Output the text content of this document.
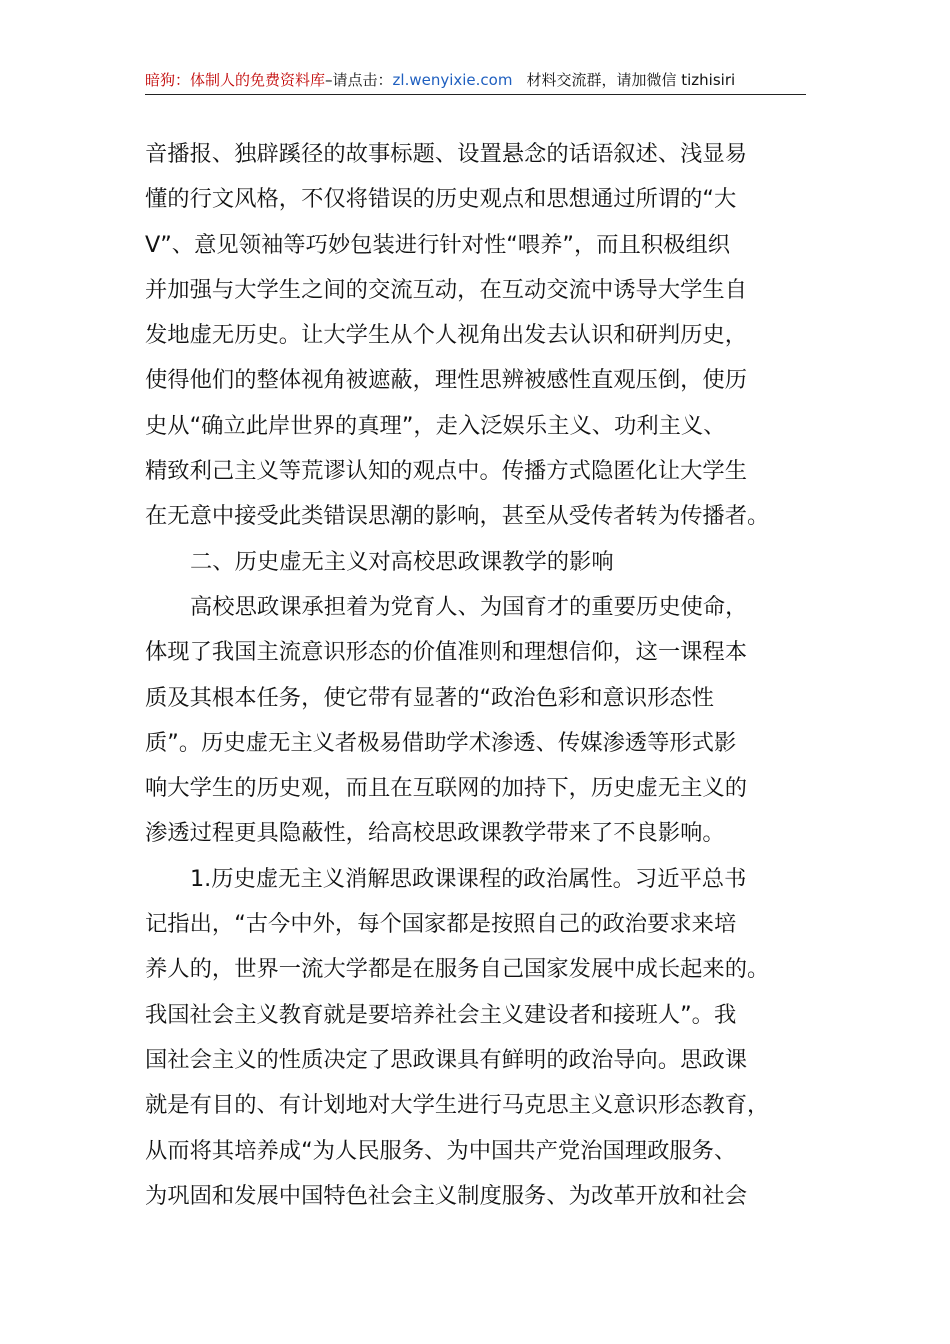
暗狗：体制人的免费资料库–请点击：zl.wenyixie.com 材料交流群，请加微信 tizhisiri
音播报、独辟蹊径的故事标题、设置悬念的话语叙述、浅显易
懂的行文风格，不仅将错误的历史观点和思想通过所谓的“大
V”、意见领袖等巧妙包装进行针对性“喂养”，而且积极组织
并加强与大学生之间的交流互动，在互动交流中诱导大学生自
发地虚无历史。让大学生从个人视角出发去认识和研判历史，
使得他们的整体视角被遮蔽，理性思辨被感性直观压倒，使历
史从“确立此岸世界的真理”，走入泛娱乐主义、功利主义、
精致利己主义等荒谬认知的观点中。传播方式隐匿化让大学生
在无意中接受此类错误思潮的影响，甚至从受传者转为传播者。
二、历史虚无主义对高校思政课教学的影响
高校思政课承担着为党育人、为国育才的重要历史使命，
体现了我国主流意识形态的价值准则和理想信仰，这一课程本
质及其根本任务，使它带有显著的“政治色彩和意识形态性
质”。历史虚无主义者极易借助学术渗透、传媒渗透等形式影
响大学生的历史观，而且在互联网的加持下，历史虚无主义的
渗透过程更具隐蔽性，给高校思政课教学带来了不良影响。
1.历史虚无主义消解思政课课程的政治属性。习近平总书
记指出，“古今中外，每个国家都是按照自己的政治要求来培
养人的，世界一流大学都是在服务自己国家发展中成长起来的。
我国社会主义教育就是要培养社会主义建设者和接班人”。我
国社会主义的性质决定了思政课具有鲜明的政治导向。思政课
就是有目的、有计划地对大学生进行马克思主义意识形态教育，
从而将其培养成“为人民服务、为中国共产党治国理政服务、
为巩固和发展中国特色社会主义制度服务、为改革开放和社会
